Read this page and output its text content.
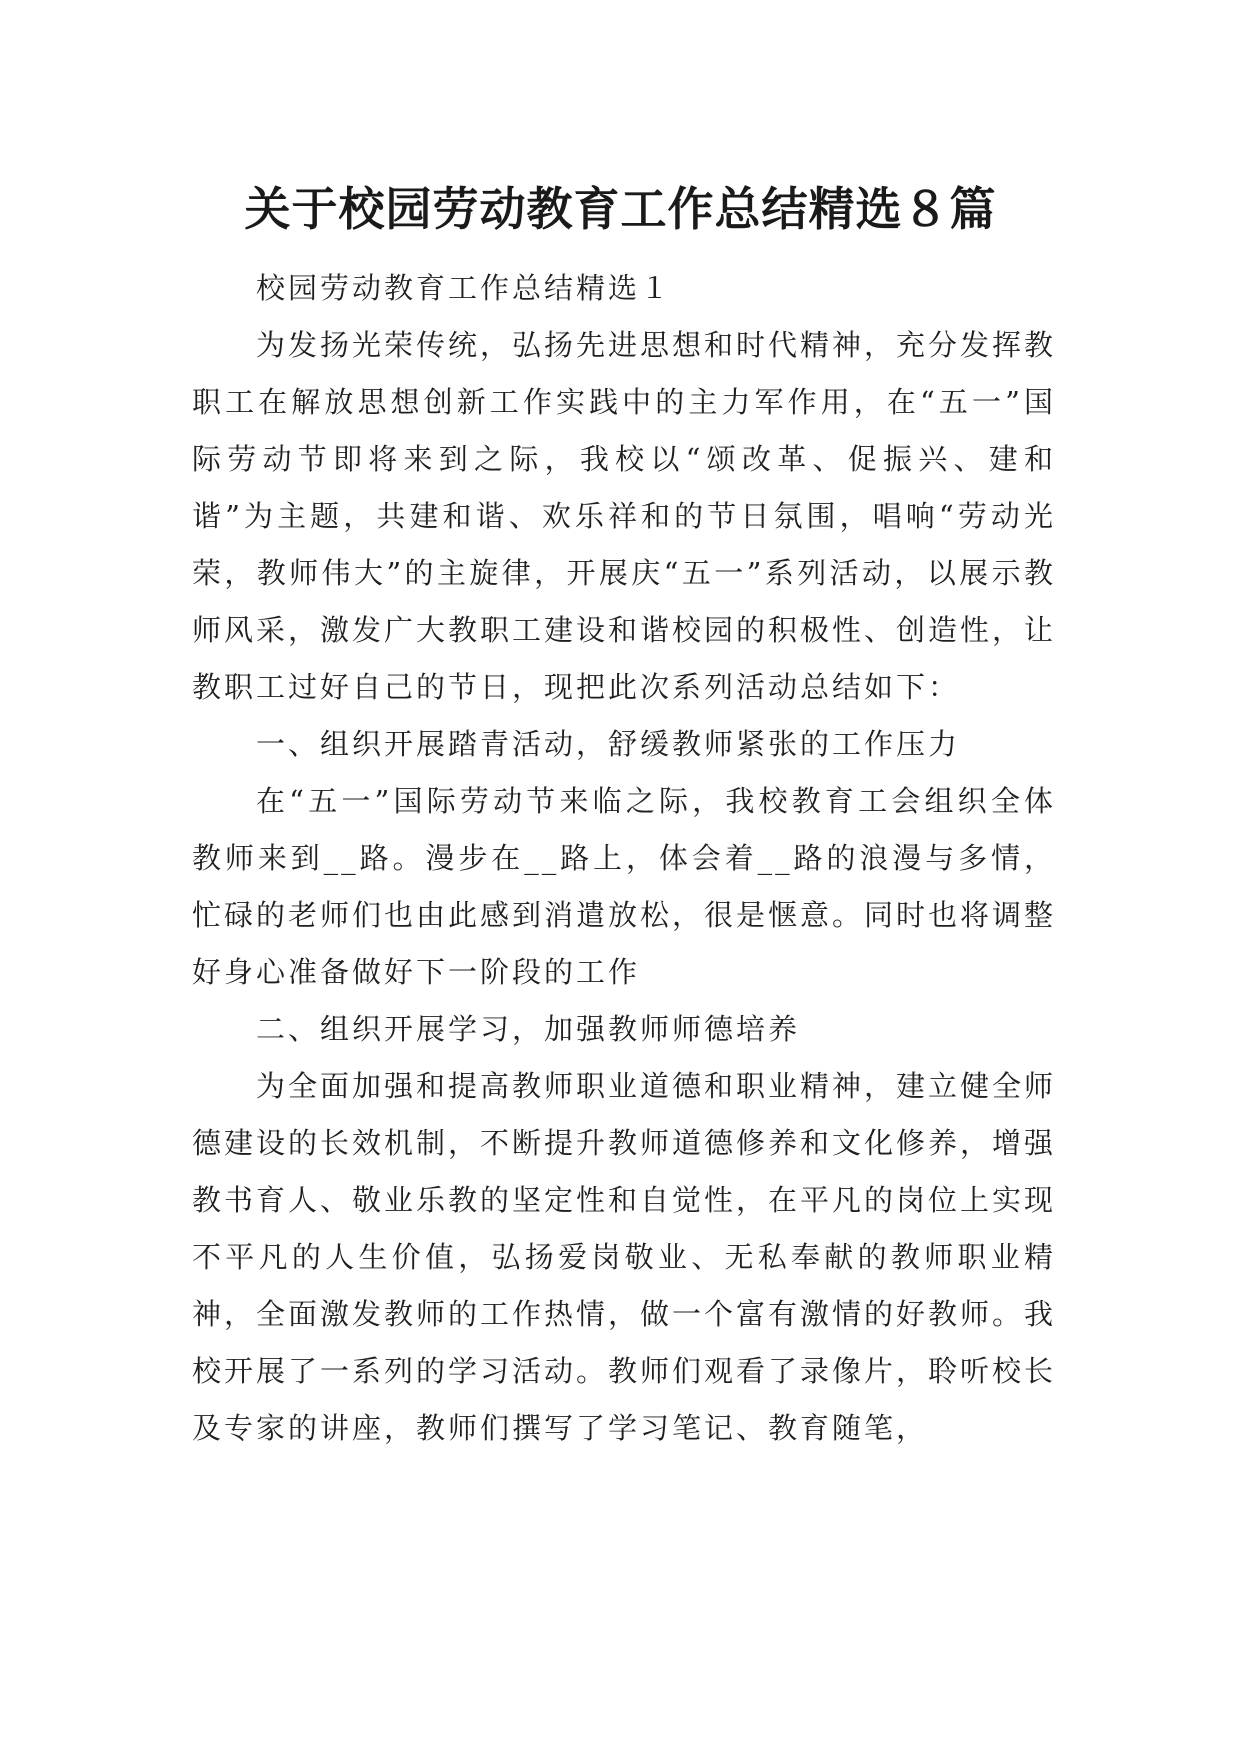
关于校园劳动教育工作总结精选８篇

校园劳动教育工作总结精选１

为发扬光荣传统，弘扬先进思想和时代精神，充分发挥教职工在解放思想创新工作实践中的主力军作用，在“五一”国际劳动节即将来到之际，我校以“颂改革、促振兴、建和谐”为主题，共建和谐、欢乐祥和的节日氛围，唱响“劳动光荣，教师伟大”的主旋律，开展庆“五一”系列活动，以展示教师风采，激发广大教职工建设和谐校园的积极性、创造性，让教职工过好自己的节日，现把此次系列活动总结如下：

一、组织开展踏青活动，舒缓教师紧张的工作压力

在“五一”国际劳动节来临之际，我校教育工会组织全体教师来到__路。漫步在__路上，体会着__路的浪漫与多情，忙碌的老师们也由此感到消遣放松，很是惬意。同时也将调整好身心准备做好下一阶段的工作

二、组织开展学习，加强教师师德培养

为全面加强和提高教师职业道德和职业精神，建立健全师德建设的长效机制，不断提升教师道德修养和文化修养，增强教书育人、敬业乐教的坚定性和自觉性，在平凡的岗位上实现不平凡的人生价值，弘扬爱岗敬业、无私奉献的教师职业精神，全面激发教师的工作热情，做一个富有激情的好教师。我校开展了一系列的学习活动。教师们观看了录像片，聆听校长及专家的讲座，教师们撰写了学习笔记、教育随笔，
